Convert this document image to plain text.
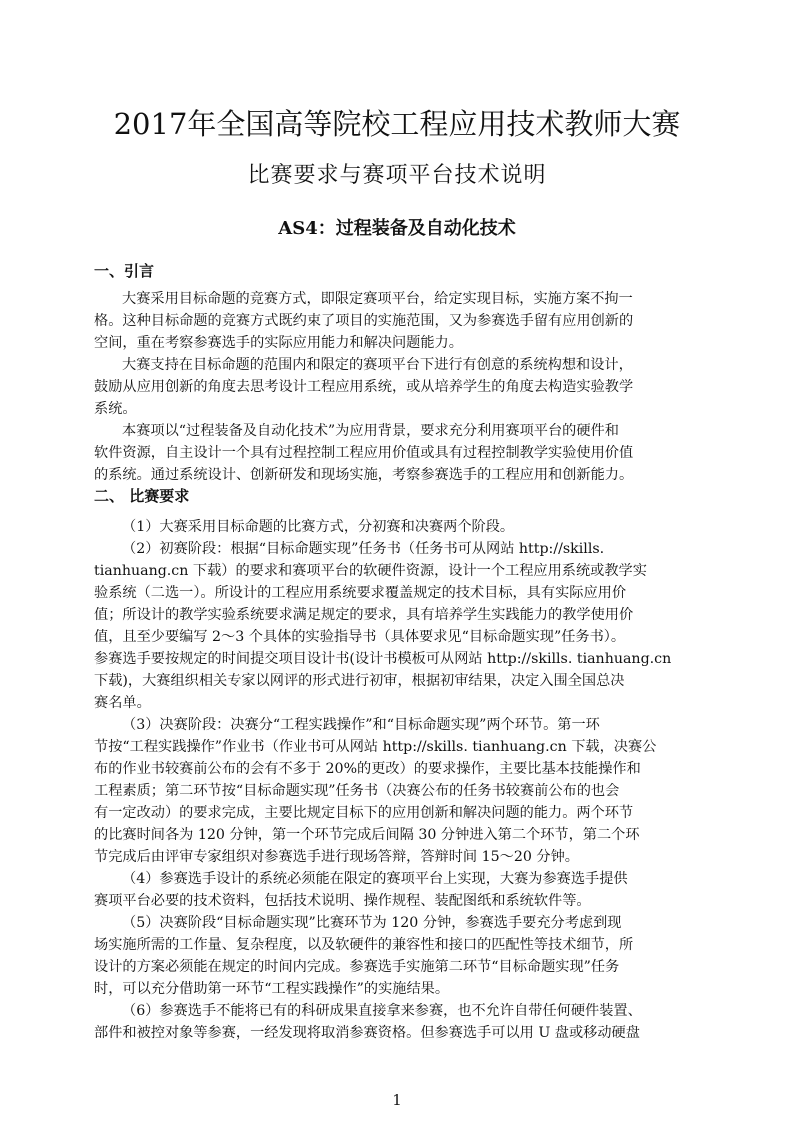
2017年全国高等院校工程应用技术教师大赛
比赛要求与赛项平台技术说明
AS4：过程装备及自动化技术
一、引言
大赛采用目标命题的竞赛方式，即限定赛项平台，给定实现目标，实施方案不拘一
格。这种目标命题的竞赛方式既约束了项目的实施范围，又为参赛选手留有应用创新的
空间，重在考察参赛选手的实际应用能力和解决问题能力。
大赛支持在目标命题的范围内和限定的赛项平台下进行有创意的系统构想和设计，
鼓励从应用创新的角度去思考设计工程应用系统，或从培养学生的角度去构造实验教学
系统。
本赛项以“过程装备及自动化技术”为应用背景，要求充分利用赛项平台的硬件和
软件资源，自主设计一个具有过程控制工程应用价值或具有过程控制教学实验使用价值
的系统。通过系统设计、创新研发和现场实施，考察参赛选手的工程应用和创新能力。
二、 比赛要求
（1）大赛采用目标命题的比赛方式，分初赛和决赛两个阶段。
（2）初赛阶段：根据“目标命题实现”任务书（任务书可从网站 http://skills.
tianhuang.cn 下载）的要求和赛项平台的软硬件资源，设计一个工程应用系统或教学实
验系统（二选一）。所设计的工程应用系统要求覆盖规定的技术目标，具有实际应用价
值；所设计的教学实验系统要求满足规定的要求，具有培养学生实践能力的教学使用价
值，且至少要编写 2～3 个具体的实验指导书（具体要求见“目标命题实现”任务书）。
参赛选手要按规定的时间提交项目设计书(设计书模板可从网站 http://skills. tianhuang.cn
下载)，大赛组织相关专家以网评的形式进行初审，根据初审结果，决定入围全国总决
赛名单。
（3）决赛阶段：决赛分“工程实践操作”和“目标命题实现”两个环节。第一环
节按“工程实践操作”作业书（作业书可从网站 http://skills. tianhuang.cn 下载，决赛公
布的作业书较赛前公布的会有不多于 20%的更改）的要求操作，主要比基本技能操作和
工程素质；第二环节按“目标命题实现”任务书（决赛公布的任务书较赛前公布的也会
有一定改动）的要求完成，主要比规定目标下的应用创新和解决问题的能力。两个环节
的比赛时间各为 120 分钟，第一个环节完成后间隔 30 分钟进入第二个环节，第二个环
节完成后由评审专家组织对参赛选手进行现场答辩，答辩时间 15～20 分钟。
（4）参赛选手设计的系统必须能在限定的赛项平台上实现，大赛为参赛选手提供
赛项平台必要的技术资料，包括技术说明、操作规程、装配图纸和系统软件等。
（5）决赛阶段“目标命题实现”比赛环节为 120 分钟，参赛选手要充分考虑到现
场实施所需的工作量、复杂程度，以及软硬件的兼容性和接口的匹配性等技术细节，所
设计的方案必须能在规定的时间内完成。参赛选手实施第二环节“目标命题实现”任务
时，可以充分借助第一环节“工程实践操作”的实施结果。
（6）参赛选手不能将已有的科研成果直接拿来参赛，也不允许自带任何硬件装置、
部件和被控对象等参赛，一经发现将取消参赛资格。但参赛选手可以用 U 盘或移动硬盘
1
